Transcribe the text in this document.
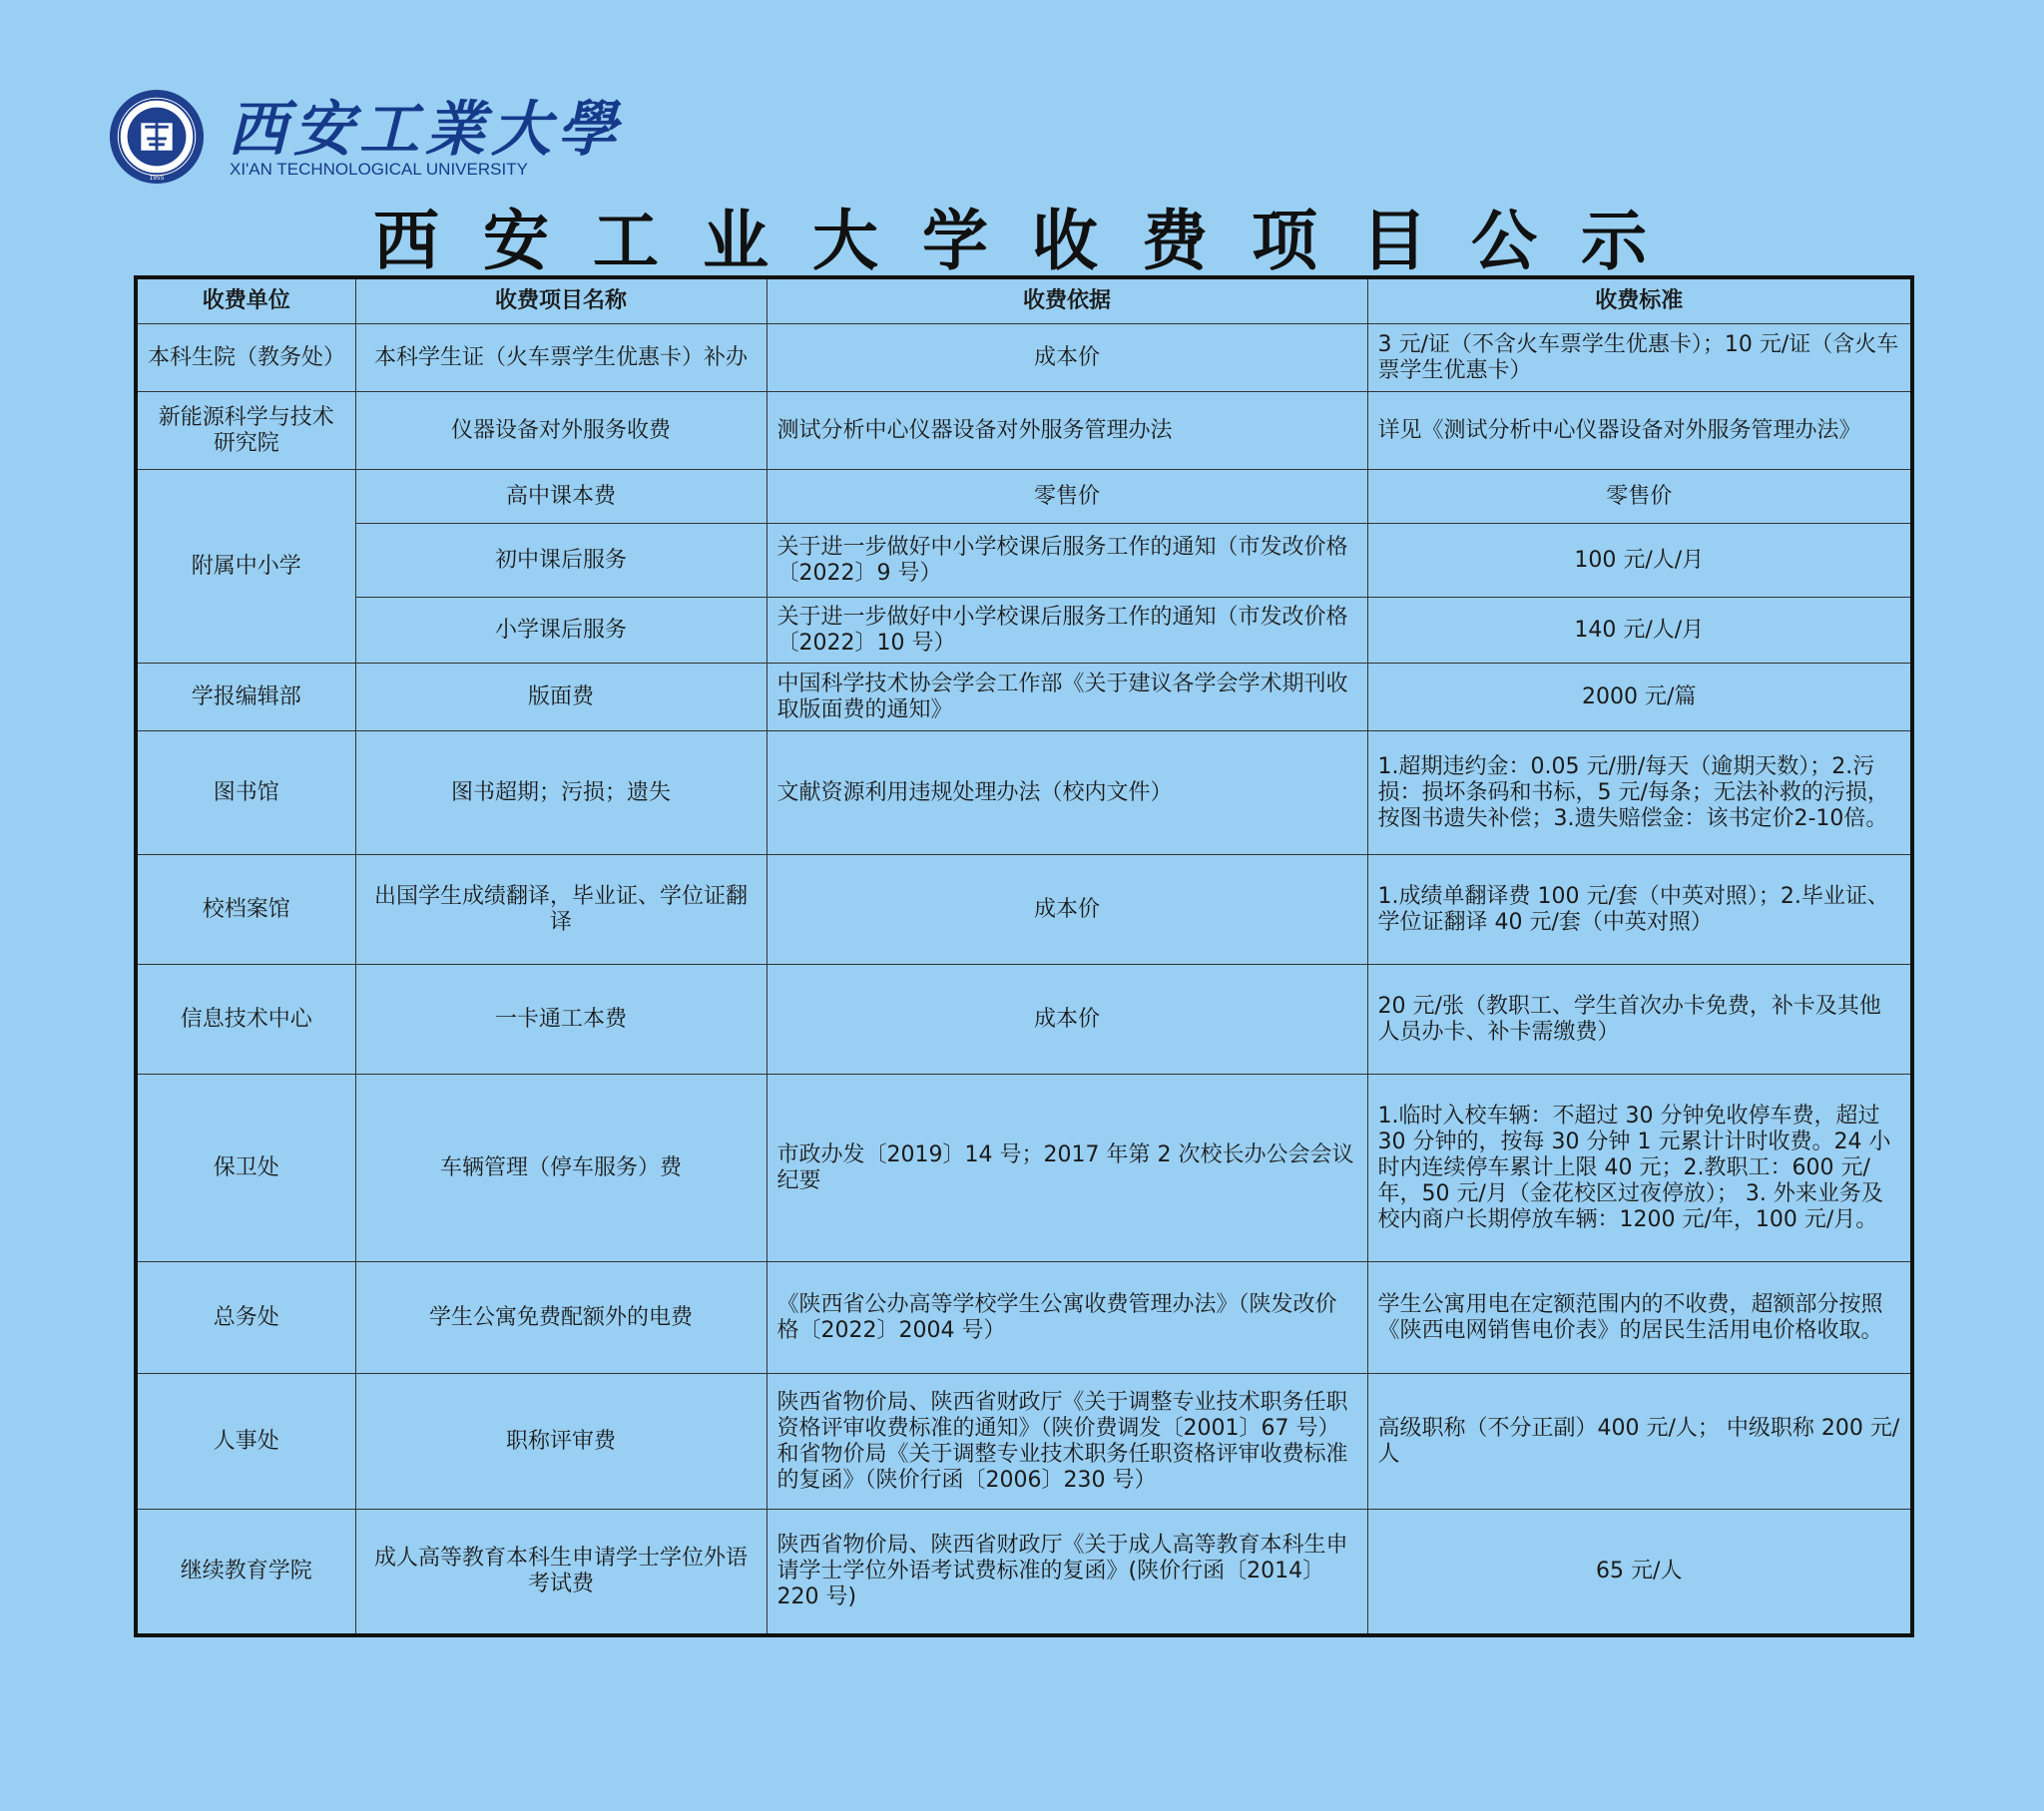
1955
西安工業大學
XI'AN TECHNOLOGICAL UNIVERSITY
西安工业大学收费项目公示
收费单位	收费项目名称	收费依据	收费标准
本科生院（教务处）	本科学生证（火车票学生优惠卡）补办	成本价	3 元/证（不含火车票学生优惠卡）；10 元/证（含火车票学生优惠卡）
新能源科学与技术研究院	仪器设备对外服务收费	测试分析中心仪器设备对外服务管理办法	详见《测试分析中心仪器设备对外服务管理办法》
附属中小学	高中课本费	零售价	零售价
	初中课后服务	关于进一步做好中小学校课后服务工作的通知（市发改价格〔2022〕9 号）	100 元/人/月
	小学课后服务	关于进一步做好中小学校课后服务工作的通知（市发改价格〔2022〕10 号）	140 元/人/月
学报编辑部	版面费	中国科学技术协会学会工作部《关于建议各学会学术期刊收取版面费的通知》	2000 元/篇
图书馆	图书超期；污损；遗失	文献资源利用违规处理办法（校内文件）	1.超期违约金：0.05 元/册/每天（逾期天数）；2.污损：损坏条码和书标，5 元/每条；无法补救的污损，按图书遗失补偿；3.遗失赔偿金：该书定价2-10倍。
校档案馆	出国学生成绩翻译，毕业证、学位证翻译	成本价	1.成绩单翻译费 100 元/套（中英对照）；2.毕业证、学位证翻译 40 元/套（中英对照）
信息技术中心	一卡通工本费	成本价	20 元/张（教职工、学生首次办卡免费，补卡及其他人员办卡、补卡需缴费）
保卫处	车辆管理（停车服务）费	市政办发〔2019〕14 号；2017 年第 2 次校长办公会会议纪要	1.临时入校车辆：不超过 30 分钟免收停车费，超过 30 分钟的，按每 30 分钟 1 元累计计时收费。24 小时内连续停车累计上限 40 元；2.教职工：600 元/年，50 元/月（金花校区过夜停放）； 3. 外来业务及校内商户长期停放车辆：1200 元/年，100 元/月。
总务处	学生公寓免费配额外的电费	《陕西省公办高等学校学生公寓收费管理办法》（陕发改价格〔2022〕2004 号）	学生公寓用电在定额范围内的不收费，超额部分按照《陕西电网销售电价表》的居民生活用电价格收取。
人事处	职称评审费	陕西省物价局、陕西省财政厅《关于调整专业技术职务任职资格评审收费标准的通知》（陕价费调发〔2001〕67 号）和省物价局《关于调整专业技术职务任职资格评审收费标准的复函》（陕价行函〔2006〕230 号）	高级职称（不分正副）400 元/人； 中级职称 200 元/人
继续教育学院	成人高等教育本科生申请学士学位外语考试费	陕西省物价局、陕西省财政厅《关于成人高等教育本科生申请学士学位外语考试费标准的复函》(陕价行函〔2014〕220 号)	65 元/人
